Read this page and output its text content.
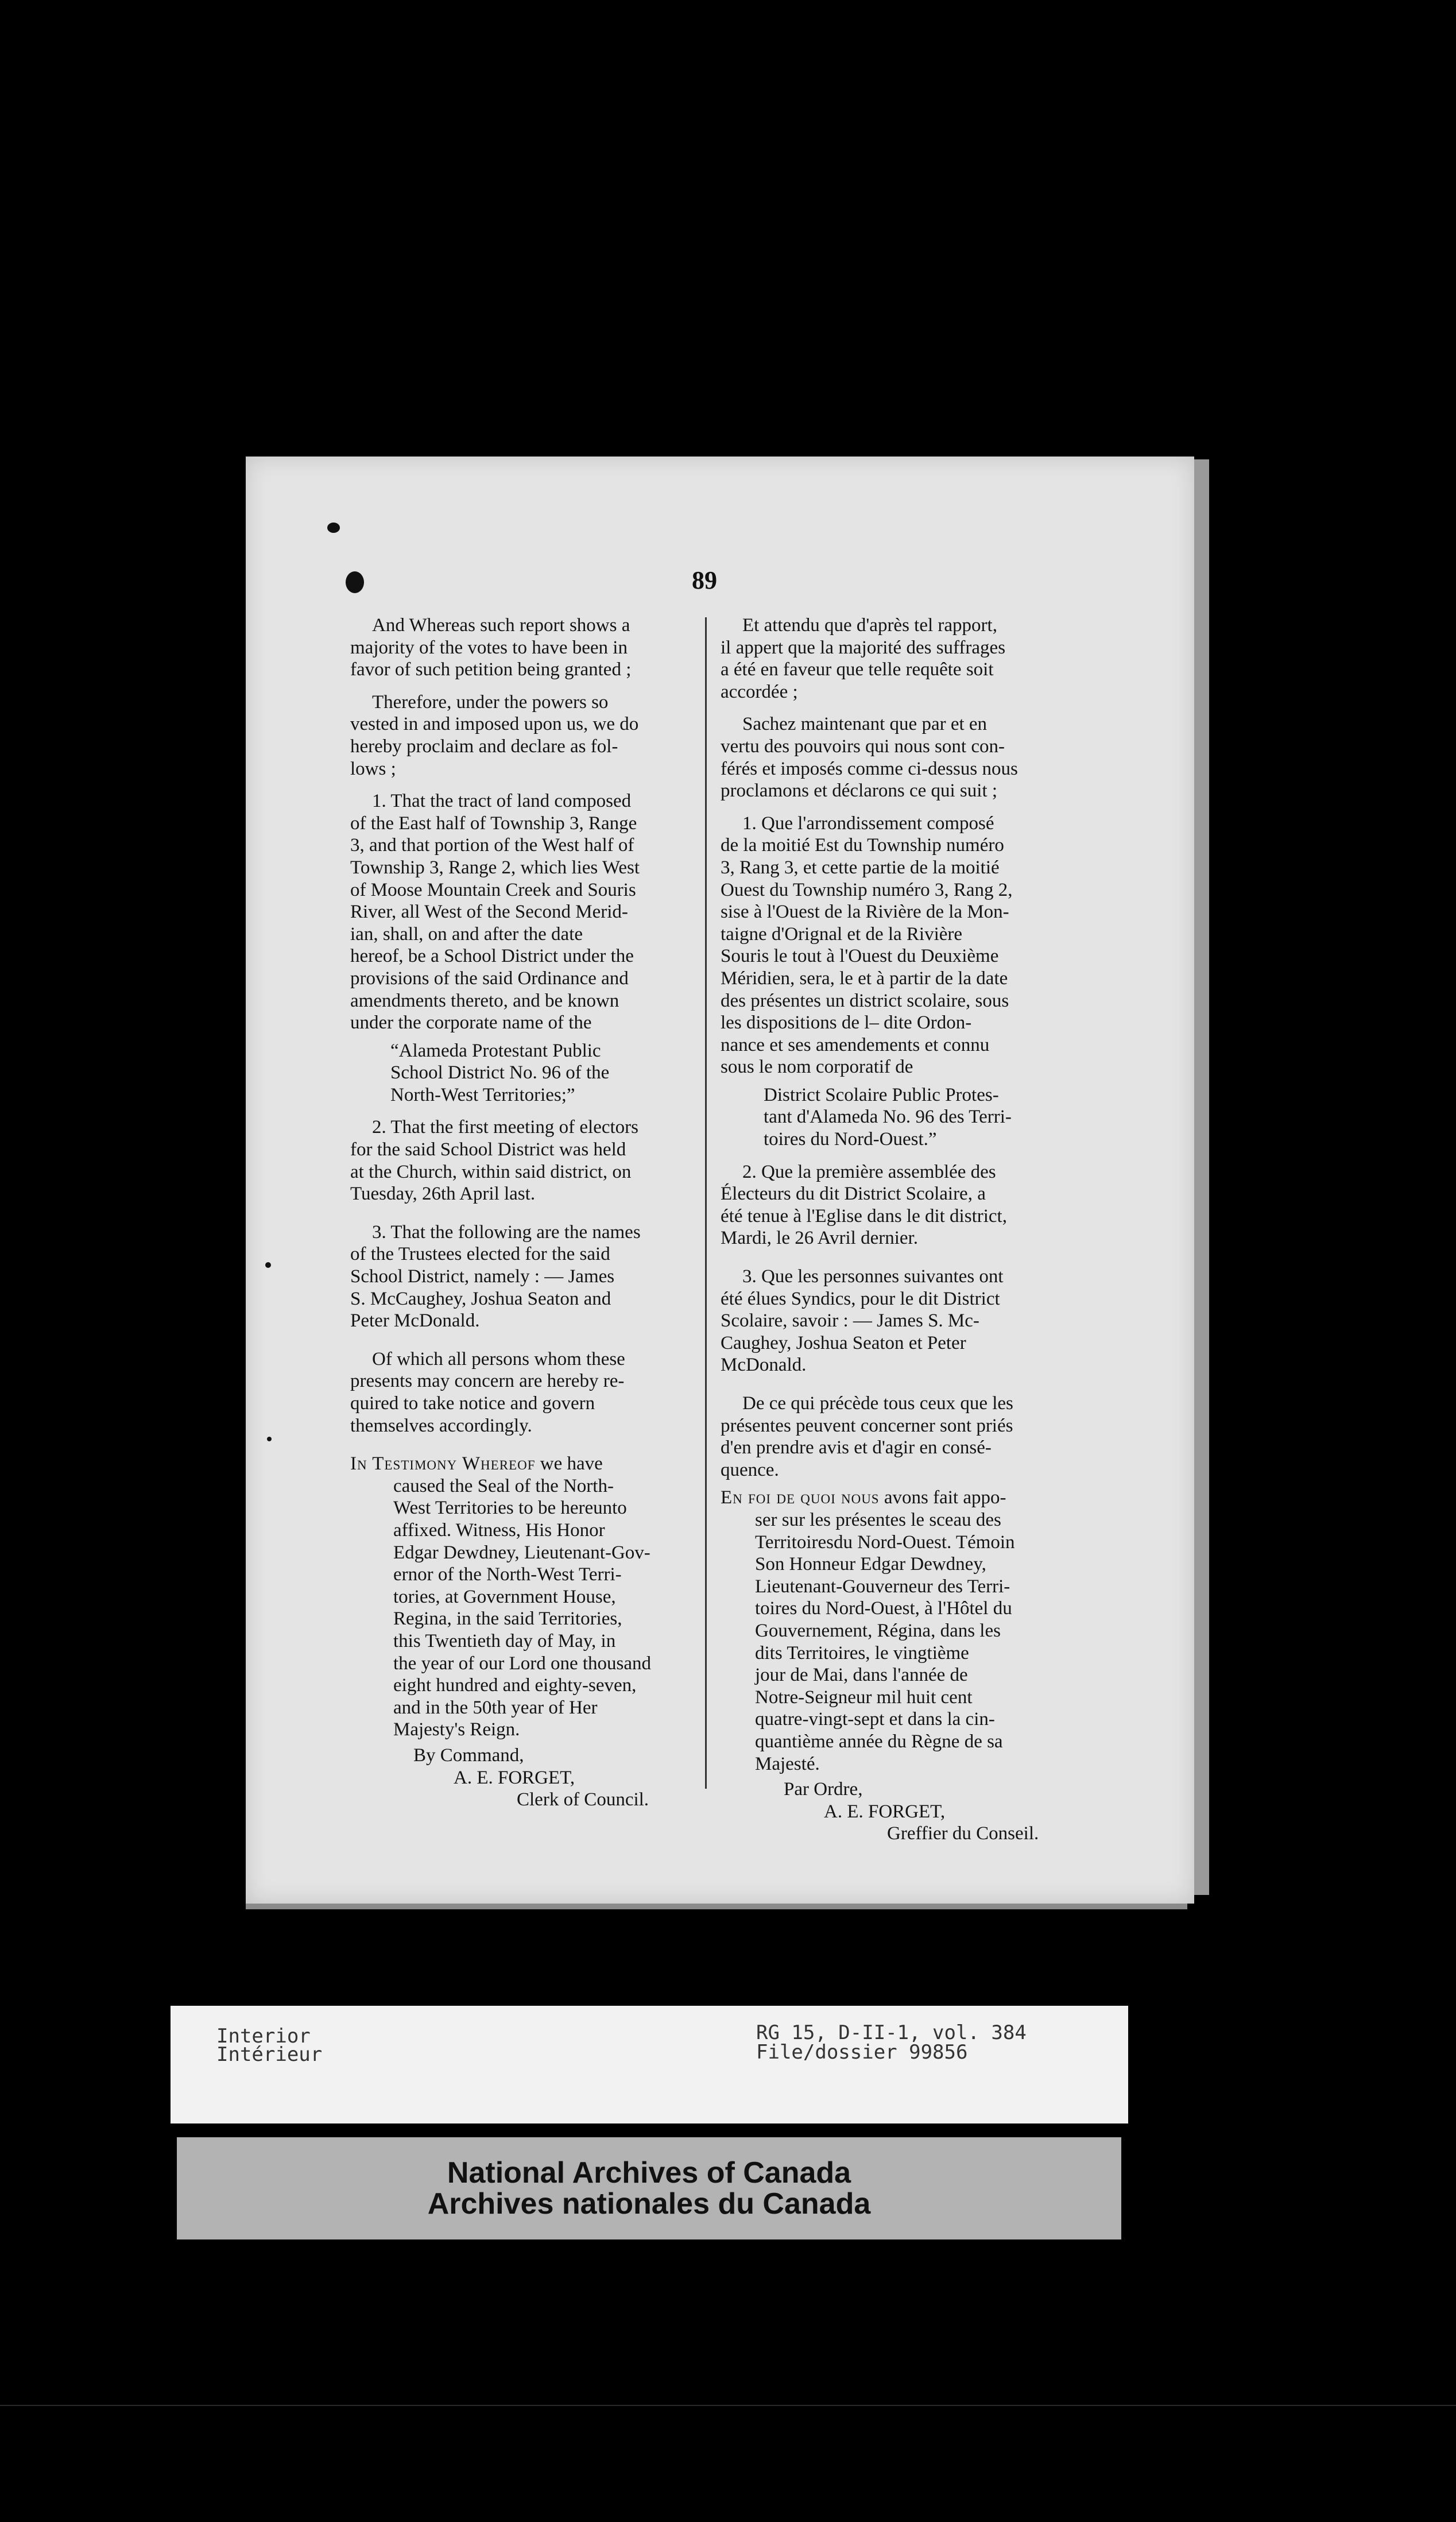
89
And Whereas such report shows a
majority of the votes to have been in
favor of such petition being granted ;
Therefore, under the powers so
vested in and imposed upon us, we do
hereby proclaim and declare as fol-
lows ;
1. That the tract of land composed
of the East half of Township 3, Range
3, and that portion of the West half of
Township 3, Range 2, which lies West
of Moose Mountain Creek and Souris
River, all West of the Second Merid-
ian, shall, on and after the date
hereof, be a School District under the
provisions of the said Ordinance and
amendments thereto, and be known
under the corporate name of the
“Alameda Protestant Public
School District No. 96 of the
North-West Territories;”
2. That the first meeting of electors
for the said School District was held
at the Church, within said district, on
Tuesday, 26th April last.
3. That the following are the names
of the Trustees elected for the said
School District, namely : — James
S. McCaughey, Joshua Seaton and
Peter McDonald.
Of which all persons whom these
presents may concern are hereby re-
quired to take notice and govern
themselves accordingly.
In Testimony Whereof we have

caused the Seal of the North-
West Territories to be hereunto
affixed. Witness, His Honor
Edgar Dewdney, Lieutenant-Gov-
ernor of the North-West Terri-
tories, at Government House,
Regina, in the said Territories,
this Twentieth day of May, in
the year of our Lord one thousand
eight hundred and eighty-seven,
and in the 50th year of Her
Majesty's Reign.
By Command,
A. E. FORGET,
Clerk of Council.
Et attendu que d'après tel rapport,
il appert que la majorité des suffrages
a été en faveur que telle requête soit
accordée ;
Sachez maintenant que par et en
vertu des pouvoirs qui nous sont con-
férés et imposés comme ci-dessus nous
proclamons et déclarons ce qui suit ;
1. Que l'arrondissement composé
de la moitié Est du Township numéro
3, Rang 3, et cette partie de la moitié
Ouest du Township numéro 3, Rang 2,
sise à l'Ouest de la Rivière de la Mon-
taigne d'Orignal et de la Rivière
Souris le tout à l'Ouest du Deuxième
Méridien, sera, le et à partir de la date
des présentes un district scolaire, sous
les dispositions de l– dite Ordon-
nance et ses amendements et connu
sous le nom corporatif de
District Scolaire Public Protes-
tant d'Alameda No. 96 des Terri-
toires du Nord-Ouest.”
2. Que la première assemblée des
Électeurs du dit District Scolaire, a
été tenue à l'Eglise dans le dit district,
Mardi, le 26 Avril dernier.
3. Que les personnes suivantes ont
été élues Syndics, pour le dit District
Scolaire, savoir : — James S. Mc-
Caughey, Joshua Seaton et Peter
McDonald.
De ce qui précède tous ceux que les
présentes peuvent concerner sont priés
d'en prendre avis et d'agir en consé-
quence.
En foi de quoi nous avons fait appo-

ser sur les présentes le sceau des
Territoiresdu Nord-Ouest. Témoin
Son Honneur Edgar Dewdney,
Lieutenant-Gouverneur des Terri-
toires du Nord-Ouest, à l'Hôtel du
Gouvernement, Régina, dans les
dits Territoires, le vingtième
jour de Mai, dans l'année de
Notre-Seigneur mil huit cent
quatre-vingt-sept et dans la cin-
quantième année du Règne de sa
Majesté.
Par Ordre,
A. E. FORGET,
Greffier du Conseil.
Interior
Intérieur
RG 15, D-II-1, vol. 384
File/dossier 99856
National Archives of Canada
Archives nationales du Canada
